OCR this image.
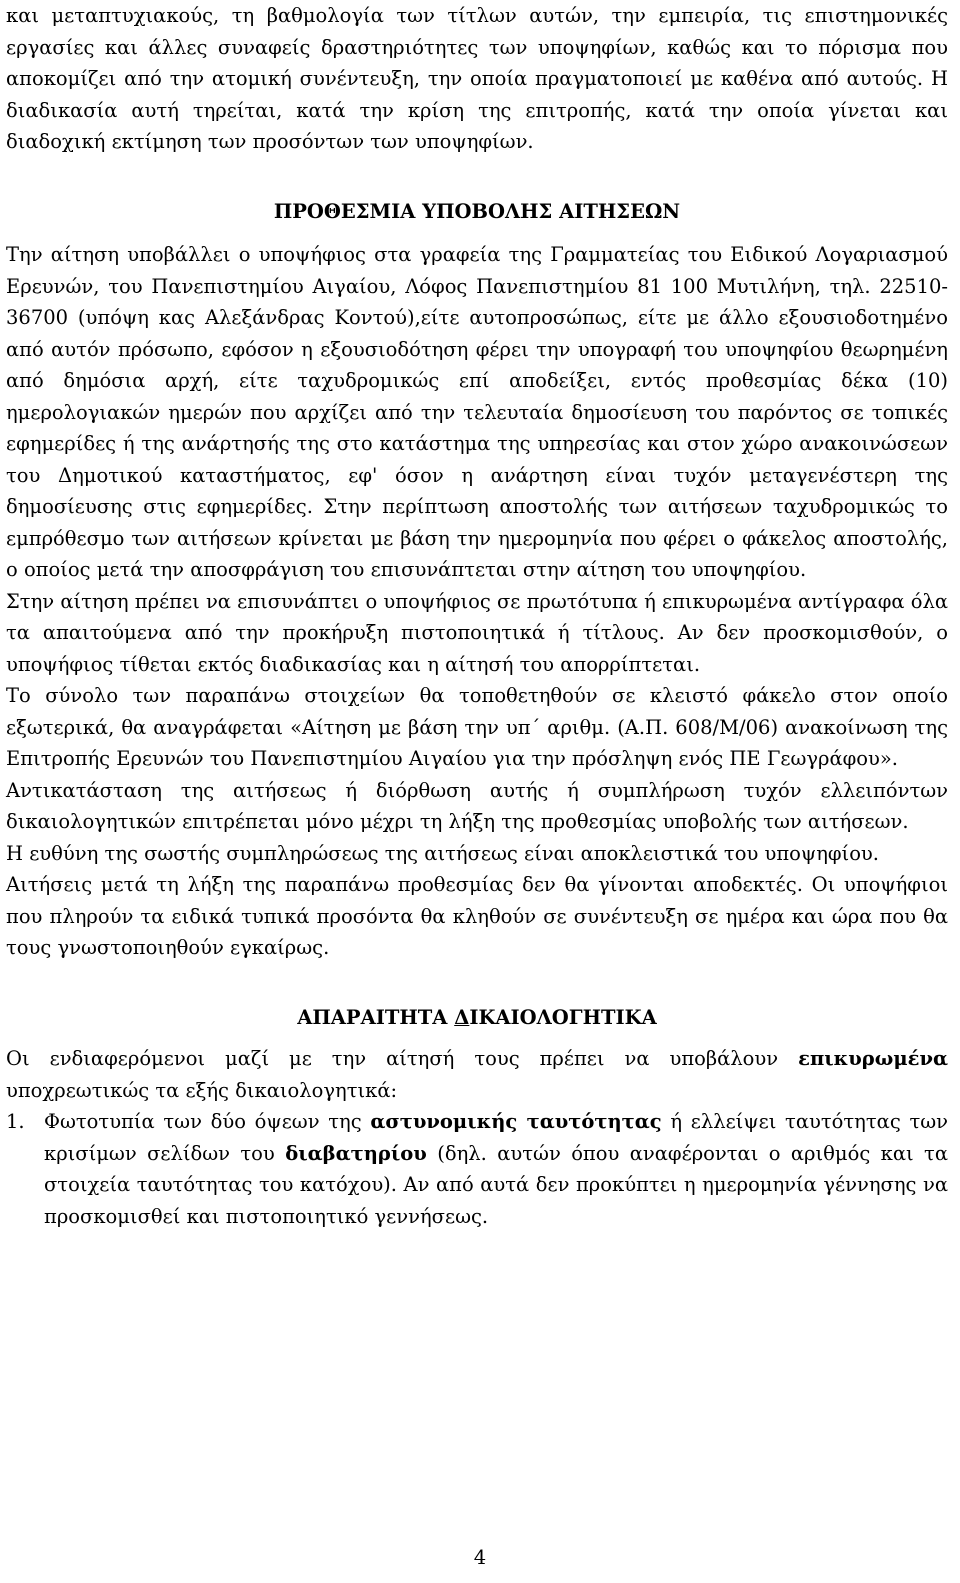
και μεταπτυχιακούς, τη βαθμολογία των τίτλων αυτών, την εμπειρία, τις επιστημονικές εργασίες και άλλες συναφείς δραστηριότητες των υποψηφίων, καθώς και το πόρισμα που αποκομίζει από την ατομική συνέντευξη, την οποία πραγματοποιεί με καθένα από αυτούς. Η διαδικασία αυτή τηρείται, κατά την κρίση της επιτροπής, κατά την οποία γίνεται και διαδοχική εκτίμηση των προσόντων των υποψηφίων.

ΠΡΟΘΕΣΜΙΑ ΥΠΟΒΟΛΗΣ ΑΙΤΗΣΕΩΝ

Την αίτηση υποβάλλει ο υποψήφιος στα γραφεία της Γραμματείας του Ειδικού Λογαριασμού Ερευνών, του Πανεπιστημίου Αιγαίου, Λόφος Πανεπιστημίου 81 100 Μυτιλήνη, τηλ. 22510-36700 (υπόψη κας Αλεξάνδρας Κοντού),είτε αυτοπροσώπως, είτε με άλλο εξουσιοδοτημένο από αυτόν πρόσωπο, εφόσον η εξουσιοδότηση φέρει την υπογραφή του υποψηφίου θεωρημένη από δημόσια αρχή, είτε ταχυδρομικώς επί αποδείξει, εντός προθεσμίας δέκα (10) ημερολογιακών ημερών που αρχίζει από την τελευταία δημοσίευση του παρόντος σε τοπικές εφημερίδες ή της ανάρτησής της στο κατάστημα της υπηρεσίας και στον χώρο ανακοινώσεων του Δημοτικού καταστήματος, εφ' όσον η ανάρτηση είναι τυχόν μεταγενέστερη της δημοσίευσης στις εφημερίδες. Στην περίπτωση αποστολής των αιτήσεων ταχυδρομικώς το εμπρόθεσμο των αιτήσεων κρίνεται με βάση την ημερομηνία που φέρει ο φάκελος αποστολής, ο οποίος μετά την αποσφράγιση του επισυνάπτεται στην αίτηση του υποψηφίου.

Στην αίτηση πρέπει να επισυνάπτει ο υποψήφιος σε πρωτότυπα ή επικυρωμένα αντίγραφα όλα τα απαιτούμενα από την προκήρυξη πιστοποιητικά ή τίτλους. Αν δεν προσκομισθούν, ο υποψήφιος τίθεται εκτός διαδικασίας και η αίτησή του απορρίπτεται.

Το σύνολο των παραπάνω στοιχείων θα τοποθετηθούν σε κλειστό φάκελο στον οποίο εξωτερικά, θα αναγράφεται «Αίτηση με βάση την υπ΄ αριθμ. (Α.Π. 608/Μ/06) ανακοίνωση της Επιτροπής Ερευνών του Πανεπιστημίου Αιγαίου για την πρόσληψη ενός ΠΕ Γεωγράφου».

Αντικατάσταση της αιτήσεως ή διόρθωση αυτής ή συμπλήρωση τυχόν ελλειπόντων δικαιολογητικών επιτρέπεται μόνο μέχρι τη λήξη της προθεσμίας υποβολής των αιτήσεων.

Η ευθύνη της σωστής συμπληρώσεως της αιτήσεως είναι αποκλειστικά του υποψηφίου.

Αιτήσεις μετά τη λήξη της παραπάνω προθεσμίας δεν θα γίνονται αποδεκτές. Οι υποψήφιοι που πληρούν τα ειδικά τυπικά προσόντα θα κληθούν σε συνέντευξη σε ημέρα και ώρα που θα τους γνωστοποιηθούν εγκαίρως.

ΑΠΑΡΑΙΤΗΤΑ ΔΙΚΑΙΟΛΟΓΗΤΙΚΑ

Οι ενδιαφερόμενοι μαζί με την αίτησή τους πρέπει να υποβάλουν επικυρωμένα υποχρεωτικώς τα εξής δικαιολογητικά:

1. Φωτοτυπία των δύο όψεων της αστυνομικής ταυτότητας ή ελλείψει ταυτότητας των κρισίμων σελίδων του διαβατηρίου (δηλ. αυτών όπου αναφέρονται ο αριθμός και τα στοιχεία ταυτότητας του κατόχου). Αν από αυτά δεν προκύπτει η ημερομηνία γέννησης να προσκομισθεί και πιστοποιητικό γεννήσεως.
4
